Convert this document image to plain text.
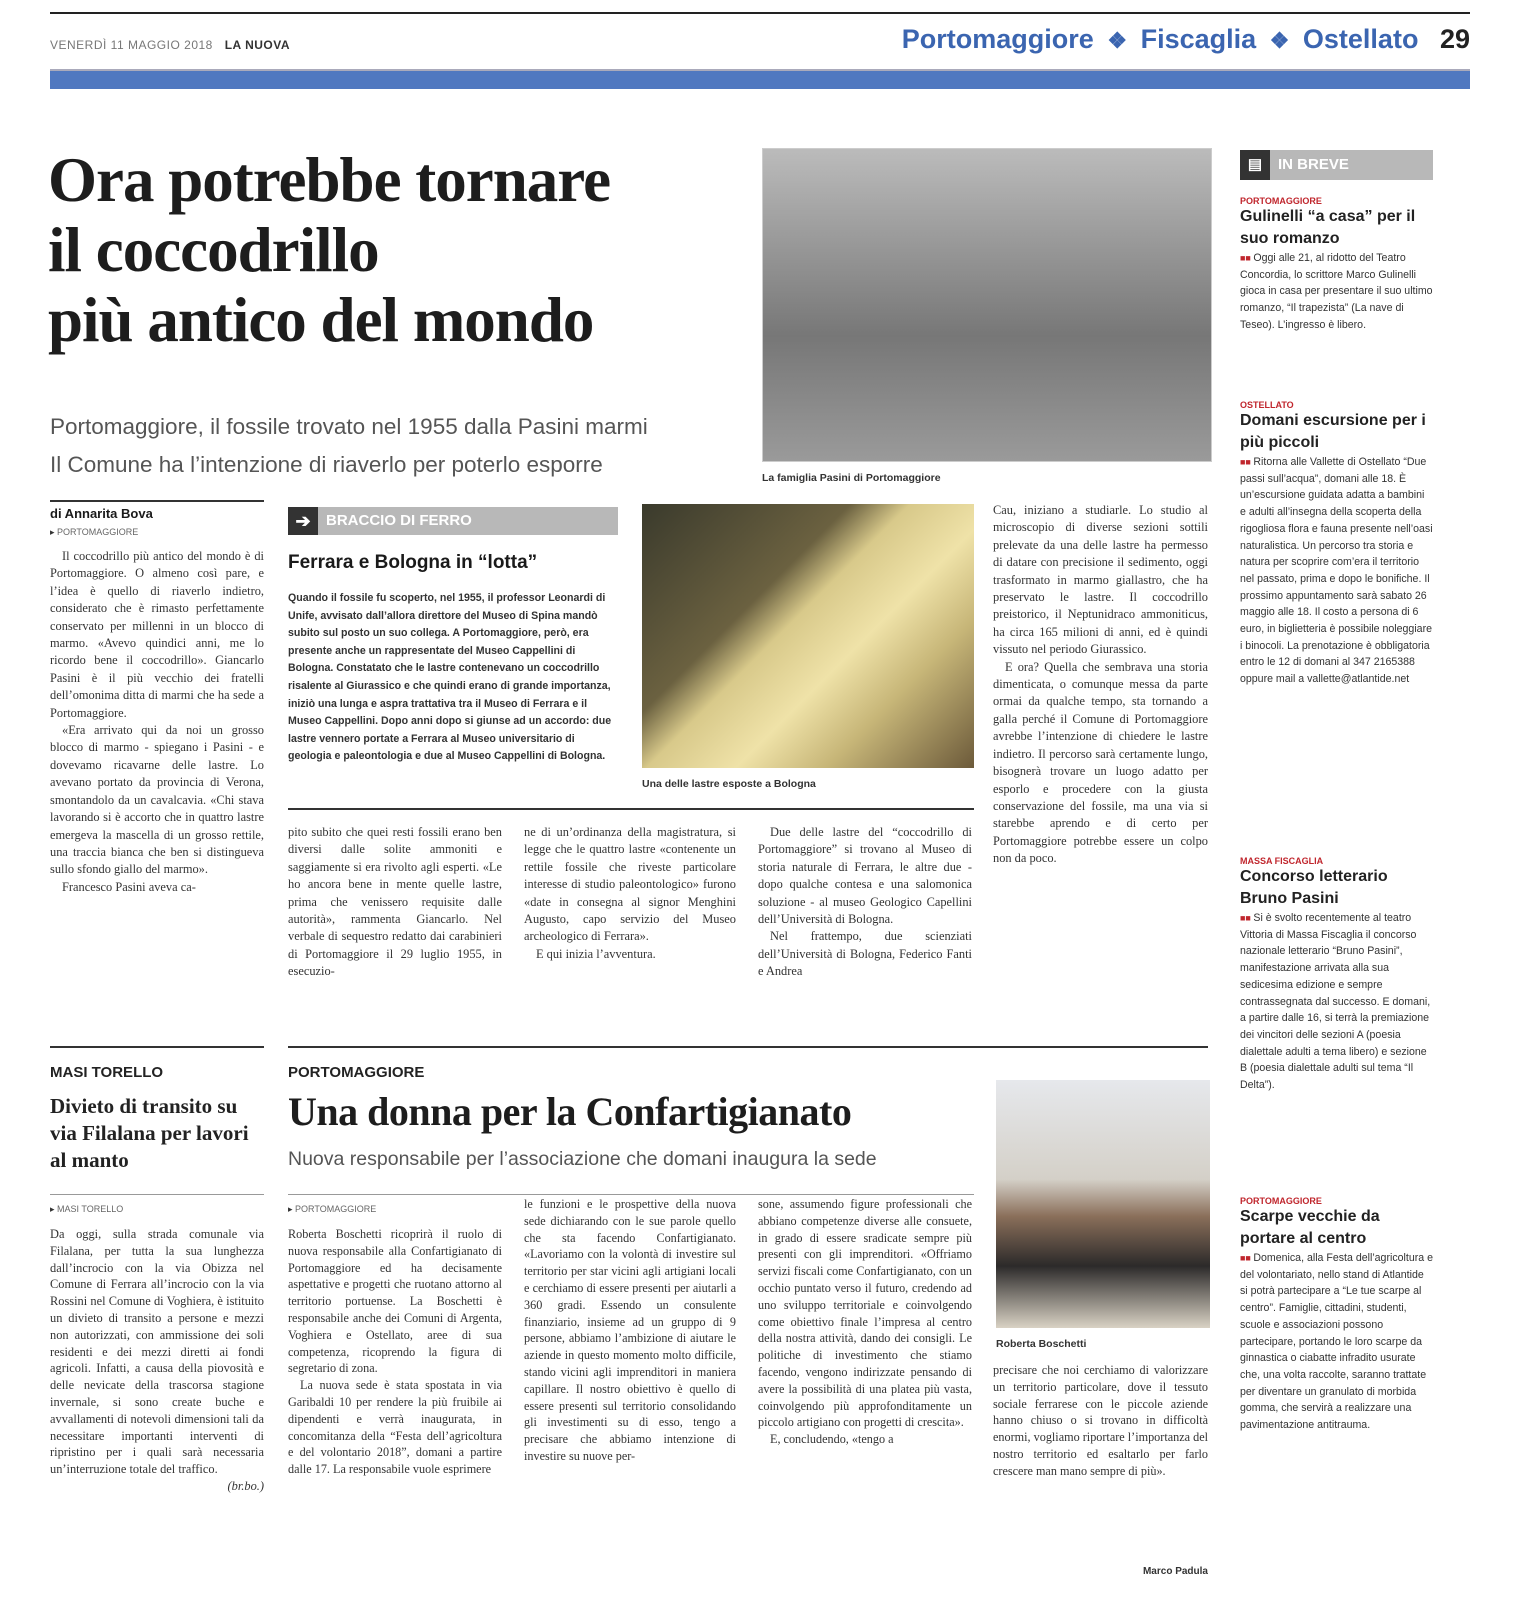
VENERDÌ 11 MAGGIO 2018 LA NUOVA	Portomaggiore ❖ Fiscaglia ❖ Ostellato 29
Ora potrebbe tornare
il coccodrillo
più antico del mondo
Portomaggiore, il fossile trovato nel 1955 dalla Pasini marmi
Il Comune ha l’intenzione di riaverlo per poterlo esporre
La famiglia Pasini di Portomaggiore
▤ IN BREVE
PORTOMAGGIORE
Gulinelli “a casa” per il suo romanzo
■■ Oggi alle 21, al ridotto del Teatro Concordia, lo scrittore Marco Gulinelli gioca in casa per presentare il suo ultimo romanzo, “Il trapezista” (La nave di Teseo). L’ingresso è libero.
OSTELLATO
Domani escursione per i più piccoli
■■ Ritorna alle Vallette di Ostellato “Due passi sull’acqua”, domani alle 18. È un’escursione guidata adatta a bambini e adulti all’insegna della scoperta della rigogliosa flora e fauna presente nell’oasi naturalistica. Un percorso tra storia e natura per scoprire com’era il territorio nel passato, prima e dopo le bonifiche. Il prossimo appuntamento sarà sabato 26 maggio alle 18. Il costo a persona di 6 euro, in biglietteria è possibile noleggiare i binocoli. La prenotazione è obbligatoria entro le 12 di domani al 347 2165388 oppure mail a vallette@atlantide.net
MASSA FISCAGLIA
Concorso letterario Bruno Pasini
■■ Si è svolto recentemente al teatro Vittoria di Massa Fiscaglia il concorso nazionale letterario “Bruno Pasini”, manifestazione arrivata alla sua sedicesima edizione e sempre contrassegnata dal successo. E domani, a partire dalle 16, si terrà la premiazione dei vincitori delle sezioni A (poesia dialettale adulti a tema libero) e sezione B (poesia dialettale adulti sul tema “Il Delta”).
PORTOMAGGIORE
Scarpe vecchie da portare al centro
■■ Domenica, alla Festa dell’agricoltura e del volontariato, nello stand di Atlantide si potrà partecipare a “Le tue scarpe al centro”. Famiglie, cittadini, studenti, scuole e associazioni possono partecipare, portando le loro scarpe da ginnastica o ciabatte infradito usurate che, una volta raccolte, saranno trattate per diventare un granulato di morbida gomma, che servirà a realizzare una pavimentazione antitrauma.
di Annarita Bova
▸ PORTOMAGGIORE

Il coccodrillo più antico del mondo è di Portomaggiore. O almeno così pare, e l’idea è quello di riaverlo indietro, considerato che è rimasto perfettamente conservato per millenni in un blocco di marmo. «Avevo quindici anni, me lo ricordo bene il coccodrillo». Giancarlo Pasini è il più vecchio dei fratelli dell’omonima ditta di marmi che ha sede a Portomaggiore.

«Era arrivato qui da noi un grosso blocco di marmo - spiegano i Pasini - e dovevamo ricavarne delle lastre. Lo avevano portato da provincia di Verona, smontandolo da un cavalcavia. «Chi stava lavorando si è accorto che in quattro lastre emergeva la mascella di un grosso rettile, una traccia bianca che ben si distingueva sullo sfondo giallo del marmo».

Francesco Pasini aveva ca-

➔ BRACCIO DI FERRO
Ferrara e Bologna in “lotta”
Quando il fossile fu scoperto, nel 1955, il professor Leonardi di Unife, avvisato dall’allora direttore del Museo di Spina mandò subito sul posto un suo collega. A Portomaggiore, però, era presente anche un rappresentate del Museo Cappellini di Bologna. Constatato che le lastre contenevano un coccodrillo risalente al Giurassico e che quindi erano di grande importanza, iniziò una lunga e aspra trattativa tra il Museo di Ferrara e il Museo Cappellini. Dopo anni dopo si giunse ad un accordo: due lastre vennero portate a Ferrara al Museo universitario di geologia e paleontologia e due al Museo Cappellini di Bologna.
Una delle lastre esposte a Bologna

pito subito che quei resti fossili erano ben diversi dalle solite ammoniti e saggiamente si era rivolto agli esperti. «Le ho ancora bene in mente quelle lastre, prima che venissero requisite dalle autorità», rammenta Giancarlo. Nel verbale di sequestro redatto dai carabinieri di Portomaggiore il 29 luglio 1955, in esecuzio-

ne di un’ordinanza della magistratura, si legge che le quattro lastre «contenente un rettile fossile che riveste particolare interesse di studio paleontologico» furono «date in consegna al signor Menghini Augusto, capo servizio del Museo archeologico di Ferrara».

E qui inizia l’avventura.

Due delle lastre del “coccodrillo di Portomaggiore” si trovano al Museo di storia naturale di Ferrara, le altre due - dopo qualche contesa e una salomonica soluzione - al museo Geologico Capellini dell’Università di Bologna.

Nel frattempo, due scienziati dell’Università di Bologna, Federico Fanti e Andrea

Cau, iniziano a studiarle. Lo studio al microscopio di diverse sezioni sottili prelevate da una delle lastre ha permesso di datare con precisione il sedimento, oggi trasformato in marmo giallastro, che ha preservato le lastre. Il coccodrillo preistorico, il Neptunidraco ammoniticus, ha circa 165 milioni di anni, ed è quindi vissuto nel periodo Giurassico.

E ora? Quella che sembrava una storia dimenticata, o comunque messa da parte ormai da qualche tempo, sta tornando a galla perché il Comune di Portomaggiore avrebbe l’intenzione di chiedere le lastre indietro. Il percorso sarà certamente lungo, bisognerà trovare un luogo adatto per esporlo e procedere con la giusta conservazione del fossile, ma una via si starebbe aprendo e di certo per Portomaggiore potrebbe essere un colpo non da poco.

MASI TORELLO
Divieto di transito su via Filalana per lavori al manto
▸ MASI TORELLO

Da oggi, sulla strada comunale via Filalana, per tutta la sua lunghezza dall’incrocio con la via Obizza nel Comune di Ferrara all’incrocio con la via Rossini nel Comune di Voghiera, è istituito un divieto di transito a persone e mezzi non autorizzati, con ammissione dei soli residenti e dei mezzi diretti ai fondi agricoli. Infatti, a causa della piovosità e delle nevicate della trascorsa stagione invernale, si sono create buche e avvallamenti di notevoli dimensioni tali da necessitare importanti interventi di ripristino per i quali sarà necessaria un’interruzione totale del traffico.

(br.bo.)
PORTOMAGGIORE
Una donna per la Confartigianato
Nuova responsabile per l’associazione che domani inaugura la sede
▸ PORTOMAGGIORE

Roberta Boschetti ricoprirà il ruolo di nuova responsabile alla Confartigianato di Portomaggiore ed ha decisamente aspettative e progetti che ruotano attorno al territorio portuense. La Boschetti è responsabile anche dei Comuni di Argenta, Voghiera e Ostellato, aree di sua competenza, ricoprendo la figura di segretario di zona.

La nuova sede è stata spostata in via Garibaldi 10 per rendere la più fruibile ai dipendenti e verrà inaugurata, in concomitanza della “Festa dell’agricoltura e del volontario 2018”, domani a partire dalle 17. La responsabile vuole esprimere

le funzioni e le prospettive della nuova sede dichiarando con le sue parole quello che sta facendo Confartigianato. «Lavoriamo con la volontà di investire sul territorio per star vicini agli artigiani locali e cerchiamo di essere presenti per aiutarli a 360 gradi. Essendo un consulente finanziario, insieme ad un gruppo di 9 persone, abbiamo l’ambizione di aiutare le aziende in questo momento molto difficile, stando vicini agli imprenditori in maniera capillare. Il nostro obiettivo è quello di essere presenti sul territorio consolidando gli investimenti su di esso, tengo a precisare che abbiamo intenzione di investire su nuove per-

sone, assumendo figure professionali che abbiano competenze diverse alle consuete, in grado di essere sradicate sempre più presenti con gli imprenditori. «Offriamo servizi fiscali come Confartigianato, con un occhio puntato verso il futuro, credendo ad uno sviluppo territoriale e coinvolgendo come obiettivo finale l’impresa al centro della nostra attività, dando dei consigli. Le politiche di investimento che stiamo facendo, vengono indirizzate pensando di avere la possibilità di una platea più vasta, coinvolgendo più approfonditamente un piccolo artigiano con progetti di crescita».

E, concludendo, «tengo a

Roberta Boschetti

precisare che noi cerchiamo di valorizzare un territorio particolare, dove il tessuto sociale ferrarese con le piccole aziende hanno chiuso o si trovano in difficoltà enormi, vogliamo riportare l’importanza del nostro territorio ed esaltarlo per farlo crescere man mano sempre di più».

Marco Padula
